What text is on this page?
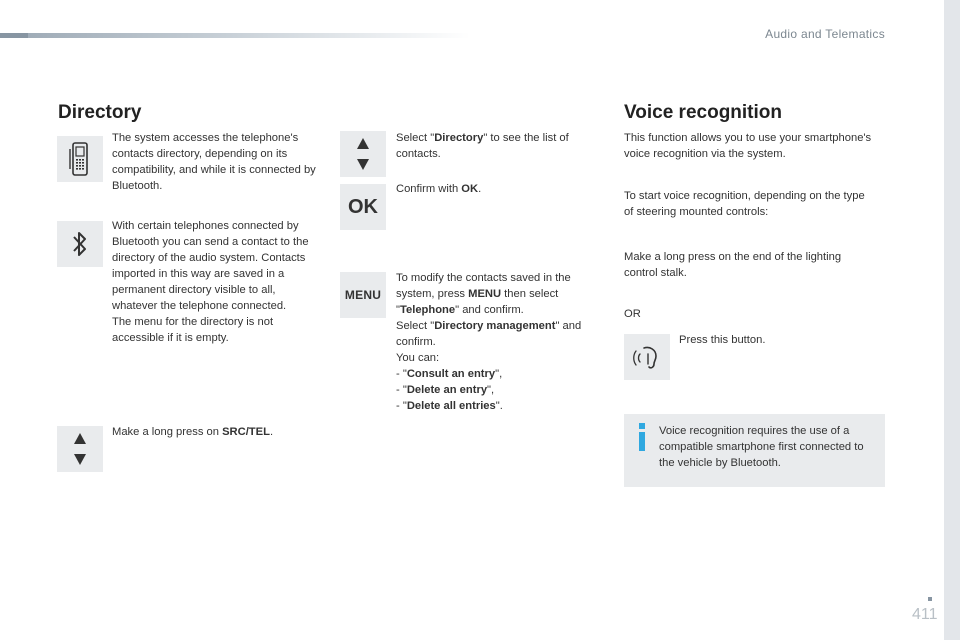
Audio and Telematics
Directory
The system accesses the telephone's contacts directory, depending on its compatibility, and while it is connected by Bluetooth.
With certain telephones connected by Bluetooth you can send a contact to the directory of the audio system. Contacts imported in this way are saved in a permanent directory visible to all, whatever the telephone connected.
The menu for the directory is not accessible if it is empty.
Make a long press on SRC/TEL.
Select "Directory" to see the list of contacts.
OK
Confirm with OK.
MENU
To modify the contacts saved in the system, press MENU then select "Telephone" and confirm.
Select "Directory management" and confirm.
You can:
- "Consult an entry",
- "Delete an entry",
- "Delete all entries".
Voice recognition
This function allows you to use your smartphone's voice recognition via the system.
To start voice recognition, depending on the type of steering mounted controls:
Make a long press on the end of the lighting control stalk.
OR
Press this button.
Voice recognition requires the use of a compatible smartphone first connected to the vehicle by Bluetooth.
411
